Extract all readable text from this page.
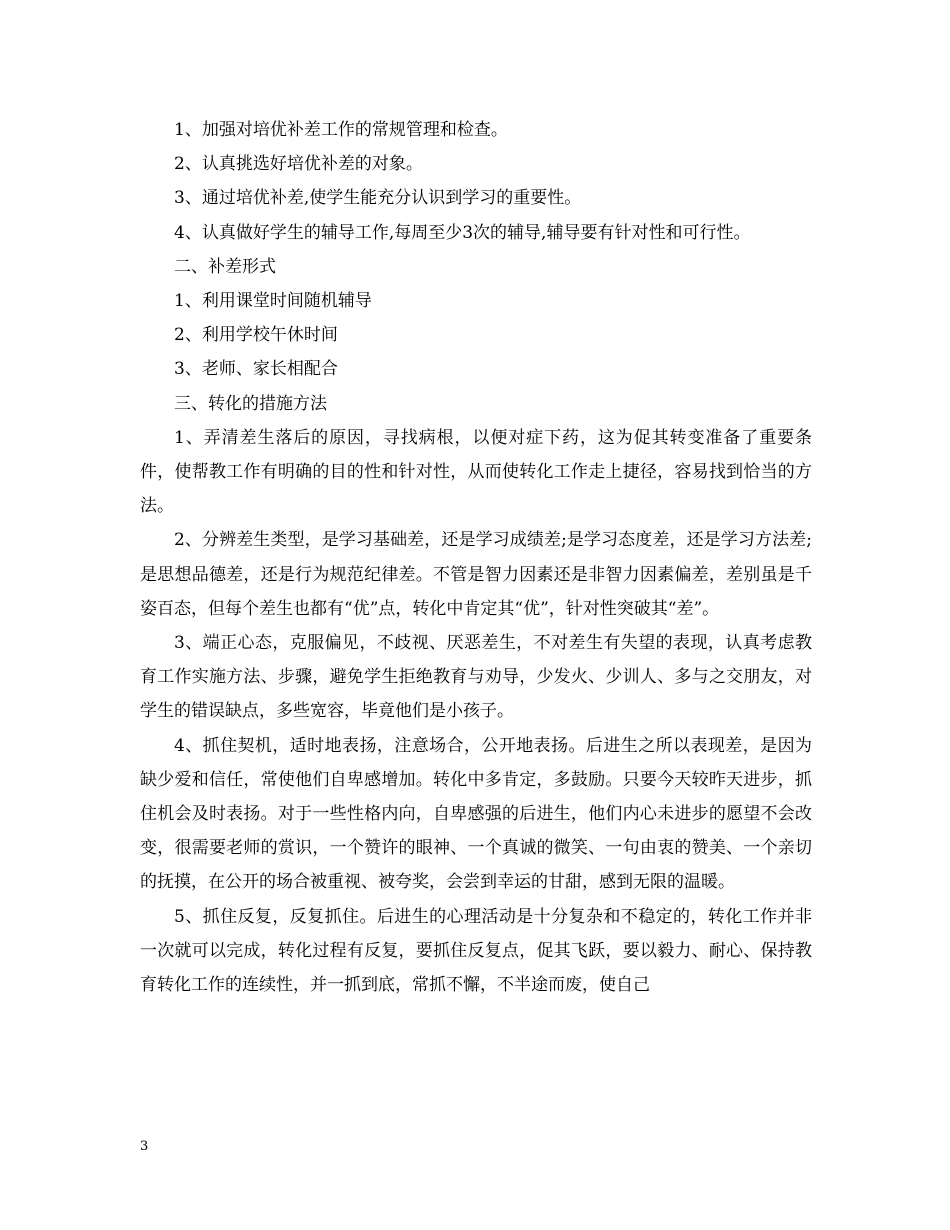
1、加强对培优补差工作的常规管理和检查。

2、认真挑选好培优补差的对象。

3、通过培优补差,使学生能充分认识到学习的重要性。

4、认真做好学生的辅导工作,每周至少3次的辅导,辅导要有针对性和可行性。

二、补差形式

1、利用课堂时间随机辅导

2、利用学校午休时间

3、老师、家长相配合

三、转化的措施方法

1、弄清差生落后的原因，寻找病根，以便对症下药，这为促其转变准备了重要条件，使帮教工作有明确的目的性和针对性，从而使转化工作走上捷径，容易找到恰当的方法。

2、分辨差生类型，是学习基础差，还是学习成绩差;是学习态度差，还是学习方法差;是思想品德差，还是行为规范纪律差。不管是智力因素还是非智力因素偏差，差别虽是千姿百态，但每个差生也都有“优”点，转化中肯定其“优”，针对性突破其“差”。

3、端正心态，克服偏见，不歧视、厌恶差生，不对差生有失望的表现，认真考虑教育工作实施方法、步骤，避免学生拒绝教育与劝导，少发火、少训人、多与之交朋友，对学生的错误缺点，多些宽容，毕竟他们是小孩子。

4、抓住契机，适时地表扬，注意场合，公开地表扬。后进生之所以表现差，是因为缺少爱和信任，常使他们自卑感增加。转化中多肯定，多鼓励。只要今天较昨天进步，抓住机会及时表扬。对于一些性格内向，自卑感强的后进生，他们内心未进步的愿望不会改变，很需要老师的赏识，一个赞许的眼神、一个真诚的微笑、一句由衷的赞美、一个亲切的抚摸，在公开的场合被重视、被夸奖，会尝到幸运的甘甜，感到无限的温暖。

5、抓住反复，反复抓住。后进生的心理活动是十分复杂和不稳定的，转化工作并非一次就可以完成，转化过程有反复，要抓住反复点，促其飞跃，要以毅力、耐心、保持教育转化工作的连续性，并一抓到底，常抓不懈，不半途而废，使自己

3
